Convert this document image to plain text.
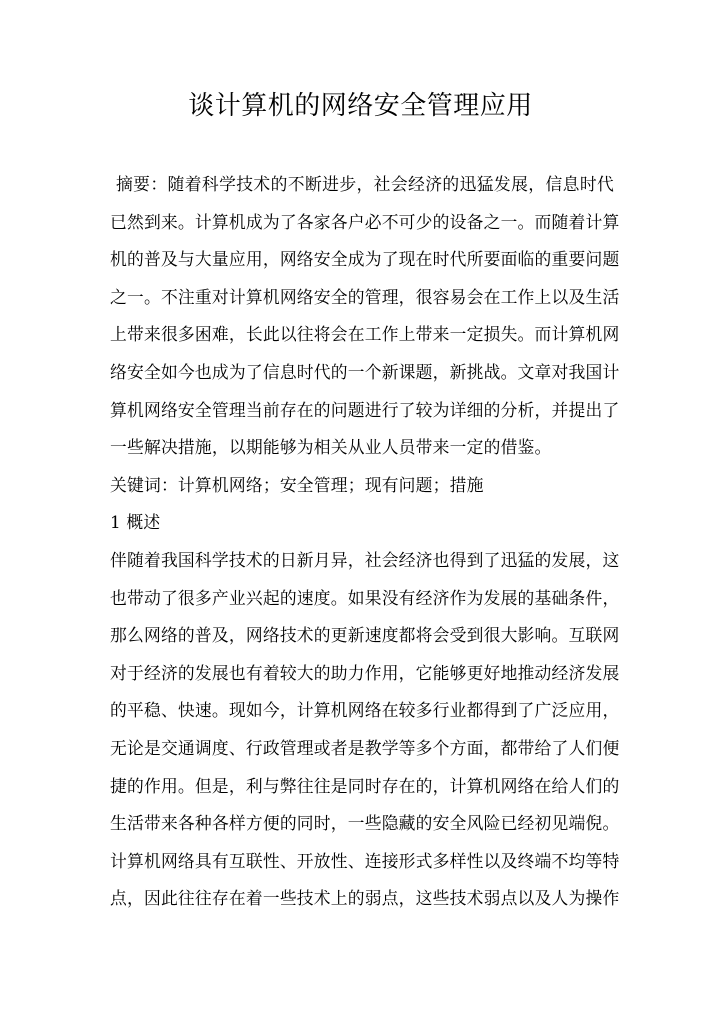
谈计算机的网络安全管理应用
摘要：随着科学技术的不断进步，社会经济的迅猛发展，信息时代
已然到来。计算机成为了各家各户必不可少的设备之一。而随着计算
机的普及与大量应用，网络安全成为了现在时代所要面临的重要问题
之一。不注重对计算机网络安全的管理，很容易会在工作上以及生活
上带来很多困难，长此以往将会在工作上带来一定损失。而计算机网
络安全如今也成为了信息时代的一个新课题，新挑战。文章对我国计
算机网络安全管理当前存在的问题进行了较为详细的分析，并提出了
一些解决措施，以期能够为相关从业人员带来一定的借鉴。
关键词：计算机网络；安全管理；现有问题；措施
1 概述
伴随着我国科学技术的日新月异，社会经济也得到了迅猛的发展，这
也带动了很多产业兴起的速度。如果没有经济作为发展的基础条件，
那么网络的普及，网络技术的更新速度都将会受到很大影响。互联网
对于经济的发展也有着较大的助力作用，它能够更好地推动经济发展
的平稳、快速。现如今，计算机网络在较多行业都得到了广泛应用，
无论是交通调度、行政管理或者是教学等多个方面，都带给了人们便
捷的作用。但是，利与弊往往是同时存在的，计算机网络在给人们的
生活带来各种各样方便的同时，一些隐藏的安全风险已经初见端倪。
计算机网络具有互联性、开放性、连接形式多样性以及终端不均等特
点，因此往往存在着一些技术上的弱点，这些技术弱点以及人为操作
